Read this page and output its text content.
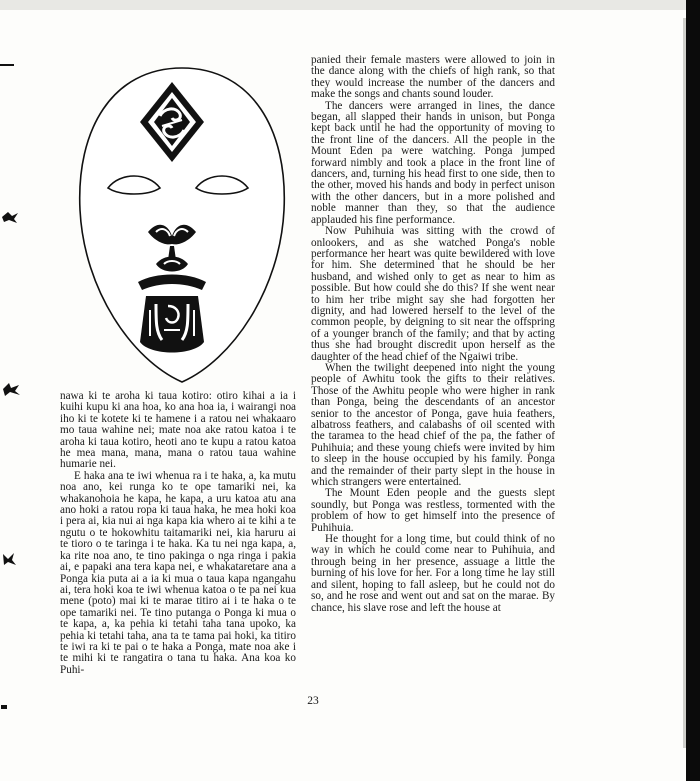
nawa ki te aroha ki taua kotiro: otiro kihai a ia i kuihi kupu ki ana hoa, ko ana hoa ia, i wairangi noa iho ki te kotete ki te hamene i a ratou nei whakaaro mo taua wahine nei; mate noa ake ratou katoa i te aroha ki taua kotiro, heoti ano te kupu a ratou katoa he mea mana, mana, mana o ratou taua wahine humarie nei.

E haka ana te iwi whenua ra i te haka, a, ka mutu noa ano, kei runga ko te ope tamariki nei, ka whakanohoia he kapa, he kapa, a uru katoa atu ana ano hoki a ratou ropa ki taua haka, he mea hoki koa i pera ai, kia nui ai nga kapa kia whero ai te kihi a te ngutu o te hokowhitu taitamariki nei, kia haruru ai te tioro o te taringa i te haka. Ka tu nei nga kapa, a, ka rite noa ano, te tino pakinga o nga ringa i pakia ai, e papaki ana tera kapa nei, e whakataretare ana a Ponga kia puta ai a ia ki mua o taua kapa ngangahu ai, tera hoki koa te iwi whenua katoa o te pa nei kua mene (poto) mai ki te marae titiro ai i te haka o te ope tamariki nei. Te tino putanga o Ponga ki mua o te kapa, a, ka pehia ki tetahi taha tana upoko, ka pehia ki tetahi taha, ana ta te tama pai hoki, ka titiro te iwi ra ki te pai o te haka a Ponga, mate noa ake i te mihi ki te rangatira o tana tu haka. Ana koa ko Puhi-

panied their female masters were allowed to join in the dance along with the chiefs of high rank, so that they would increase the number of the dancers and make the songs and chants sound louder.

The dancers were arranged in lines, the dance began, all slapped their hands in unison, but Ponga kept back until he had the opportunity of moving to the front line of the dancers. All the people in the Mount Eden pa were watching. Ponga jumped forward nimbly and took a place in the front line of dancers, and, turning his head first to one side, then to the other, moved his hands and body in perfect unison with the other dancers, but in a more polished and noble manner than they, so that the audience applauded his fine performance.

Now Puhihuia was sitting with the crowd of onlookers, and as she watched Ponga's noble performance her heart was quite bewildered with love for him. She determined that he should be her husband, and wished only to get as near to him as possible. But how could she do this? If she went near to him her tribe might say she had forgotten her dignity, and had lowered herself to the level of the common people, by deigning to sit near the offspring of a younger branch of the family; and that by acting thus she had brought discredit upon herself as the daughter of the head chief of the Ngaiwi tribe.

When the twilight deepened into night the young people of Awhitu took the gifts to their relatives. Those of the Awhitu people who were higher in rank than Ponga, being the descendants of an ancestor senior to the ancestor of Ponga, gave huia feathers, albatross feathers, and calabashs of oil scented with the taramea to the head chief of the pa, the father of Puhihuia; and these young chiefs were invited by him to sleep in the house occupied by his family. Ponga and the remainder of their party slept in the house in which strangers were entertained.

The Mount Eden people and the guests slept soundly, but Ponga was restless, tormented with the problem of how to get himself into the presence of Puhihuia.

He thought for a long time, but could think of no way in which he could come near to Puhihuia, and through being in her presence, assuage a little the burning of his love for her. For a long time he lay still and silent, hoping to fall asleep, but he could not do so, and he rose and went out and sat on the marae. By chance, his slave rose and left the house at

23
